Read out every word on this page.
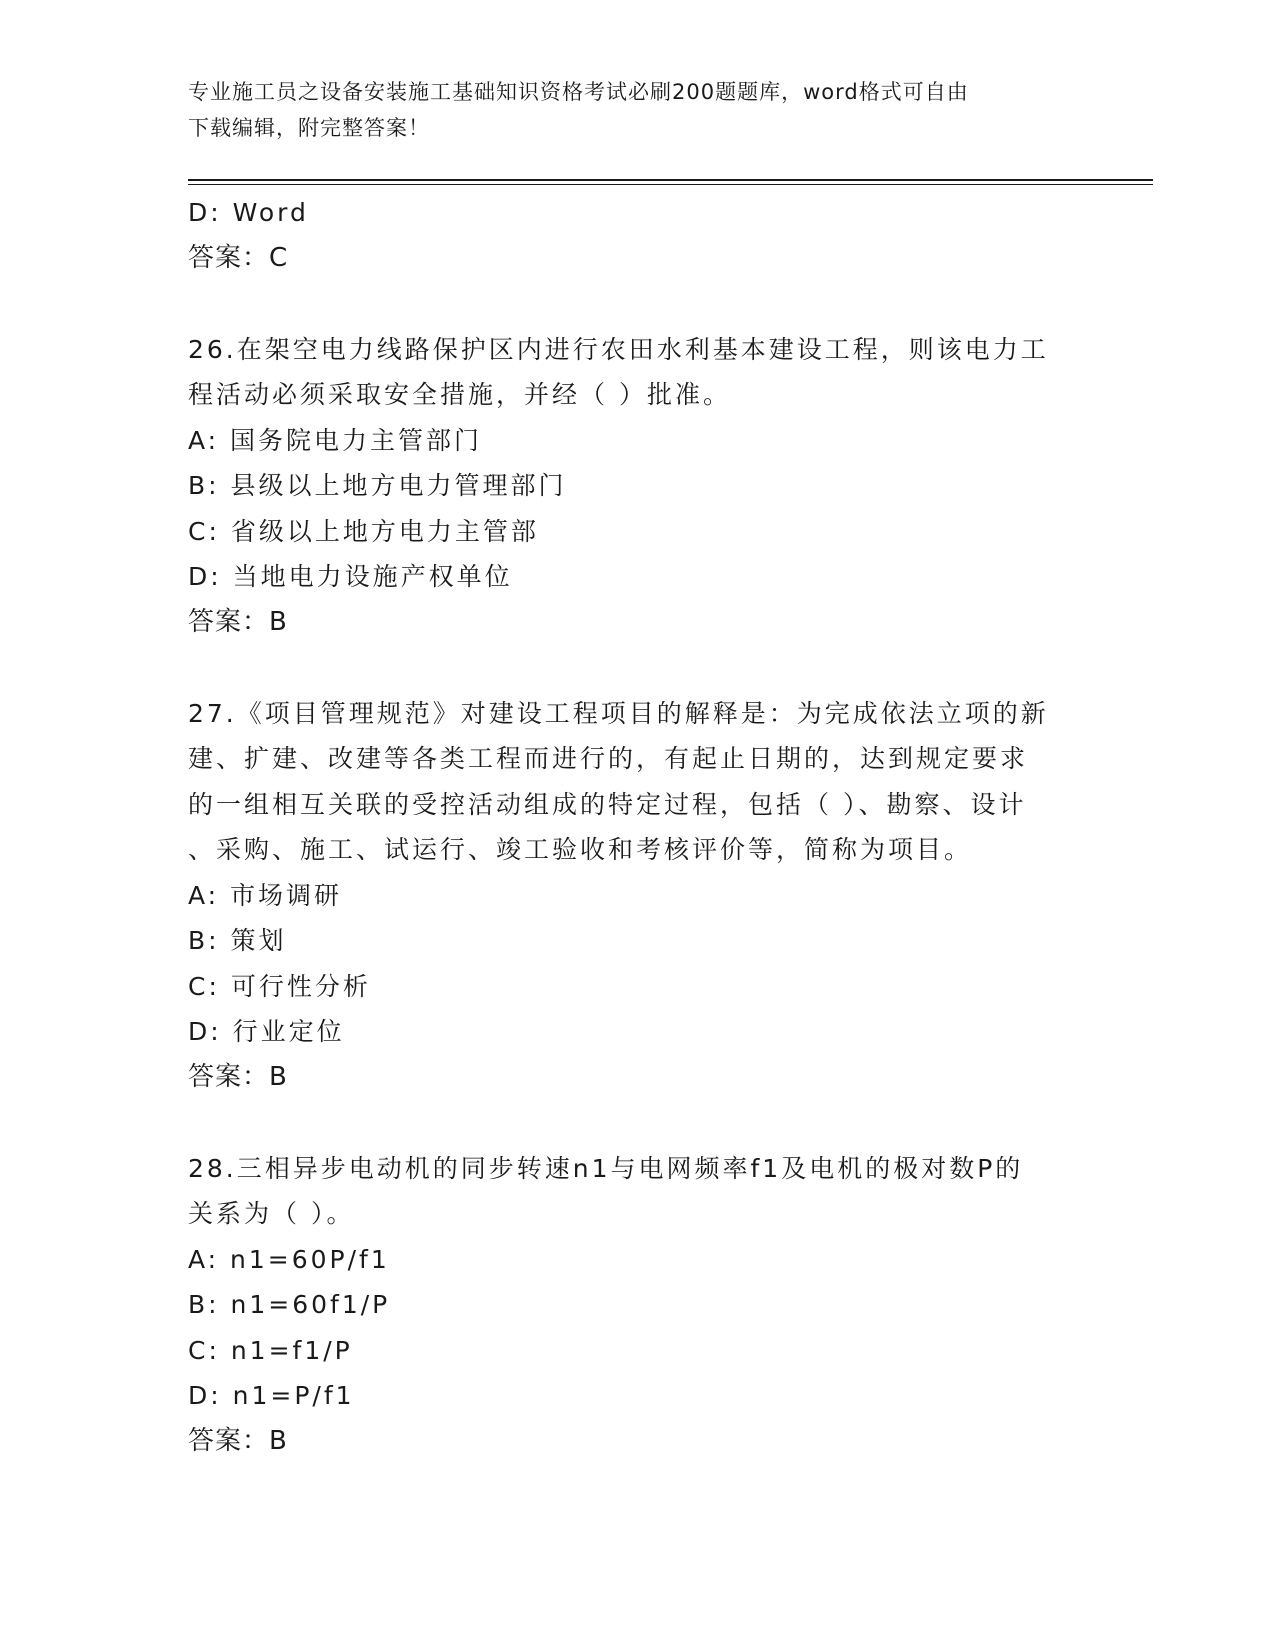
专业施工员之设备安装施工基础知识资格考试必刷200题题库，word格式可自由
下载编辑，附完整答案！
D: Word
答案：C
26.在架空电力线路保护区内进行农田水利基本建设工程，则该电力工
程活动必须采取安全措施，并经（ ）批准。
A: 国务院电力主管部门
B: 县级以上地方电力管理部门
C: 省级以上地方电力主管部
D: 当地电力设施产权单位
答案：B
27.《项目管理规范》对建设工程项目的解释是：为完成依法立项的新
建、扩建、改建等各类工程而进行的，有起止日期的，达到规定要求
的一组相互关联的受控活动组成的特定过程，包括（ ）、勘察、设计
、采购、施工、试运行、竣工验收和考核评价等，简称为项目。
A: 市场调研
B: 策划
C: 可行性分析
D: 行业定位
答案：B
28.三相异步电动机的同步转速n1与电网频率f1及电机的极对数P的
关系为（ ）。
A: n1=60P/f1
B: n1=60f1/P
C: n1=f1/P
D: n1=P/f1
答案：B
